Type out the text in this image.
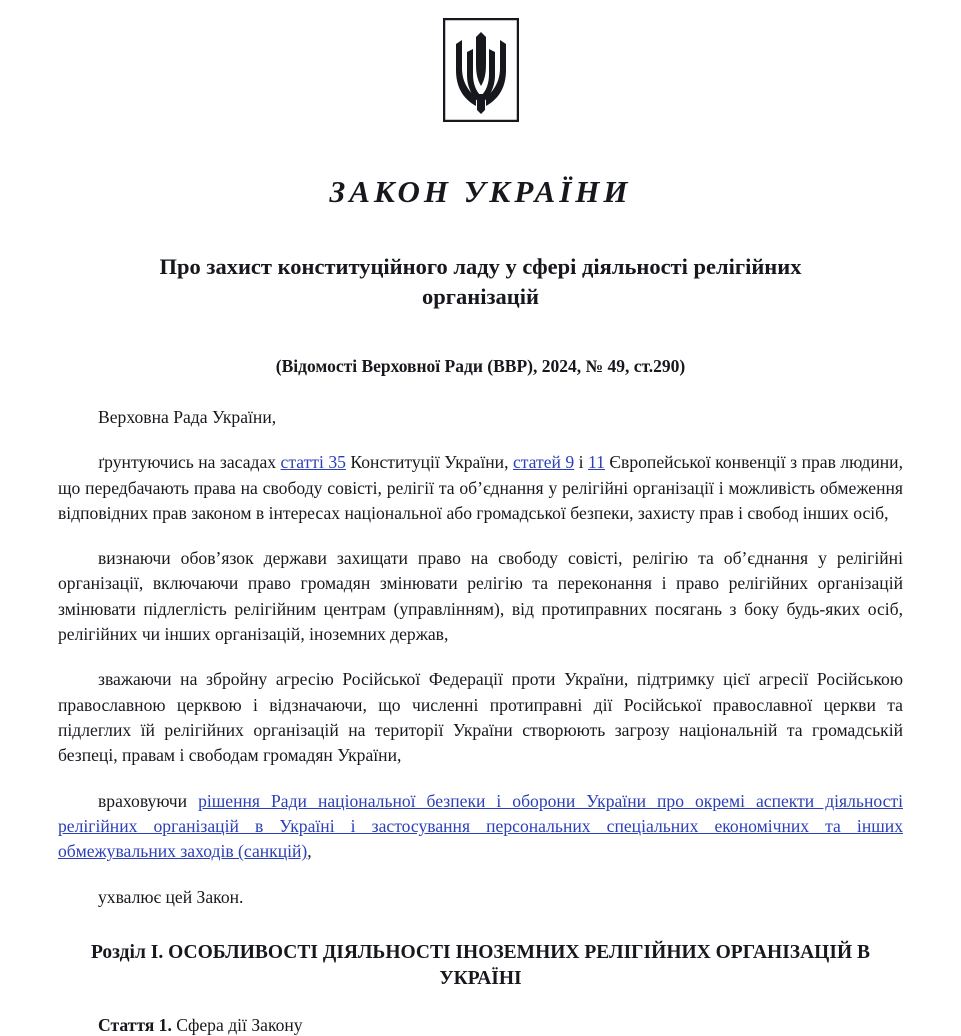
ЗАКОН УКРАЇНИ
Про захист конституційного ладу у сфері діяльності релігійних організацій
(Відомості Верховної Ради (ВВР), 2024, № 49, ст.290)

Верховна Рада України,

ґрунтуючись на засадах статті 35 Конституції України, статей 9 і 11 Європейської конвенції з прав людини, що передбачають права на свободу совісті, релігії та об’єднання у релігійні організації і можливість обмеження відповідних прав законом в інтересах національної або громадської безпеки, захисту прав і свобод інших осіб,

визнаючи обов’язок держави захищати право на свободу совісті, релігію та об’єднання у релігійні організації, включаючи право громадян змінювати релігію та переконання і право релігійних організацій змінювати підлеглість релігійним центрам (управлінням), від протиправних посягань з боку будь-яких осіб, релігійних чи інших організацій, іноземних держав,

зважаючи на збройну агресію Російської Федерації проти України, підтримку цієї агресії Російською православною церквою і відзначаючи, що численні протиправні дії Російської православної церкви та підлеглих їй релігійних організацій на території України створюють загрозу національній та громадській безпеці, правам і свободам громадян України,

враховуючи рішення Ради національної безпеки і оборони України про окремі аспекти діяльності релігійних організацій в Україні і застосування персональних спеціальних економічних та інших обмежувальних заходів (санкцій),

ухвалює цей Закон.

Розділ I. ОСОБЛИВОСТІ ДІЯЛЬНОСТІ ІНОЗЕМНИХ РЕЛІГІЙНИХ ОРГАНІЗАЦІЙ В УКРАЇНІ

Стаття 1. Сфера дії Закону
